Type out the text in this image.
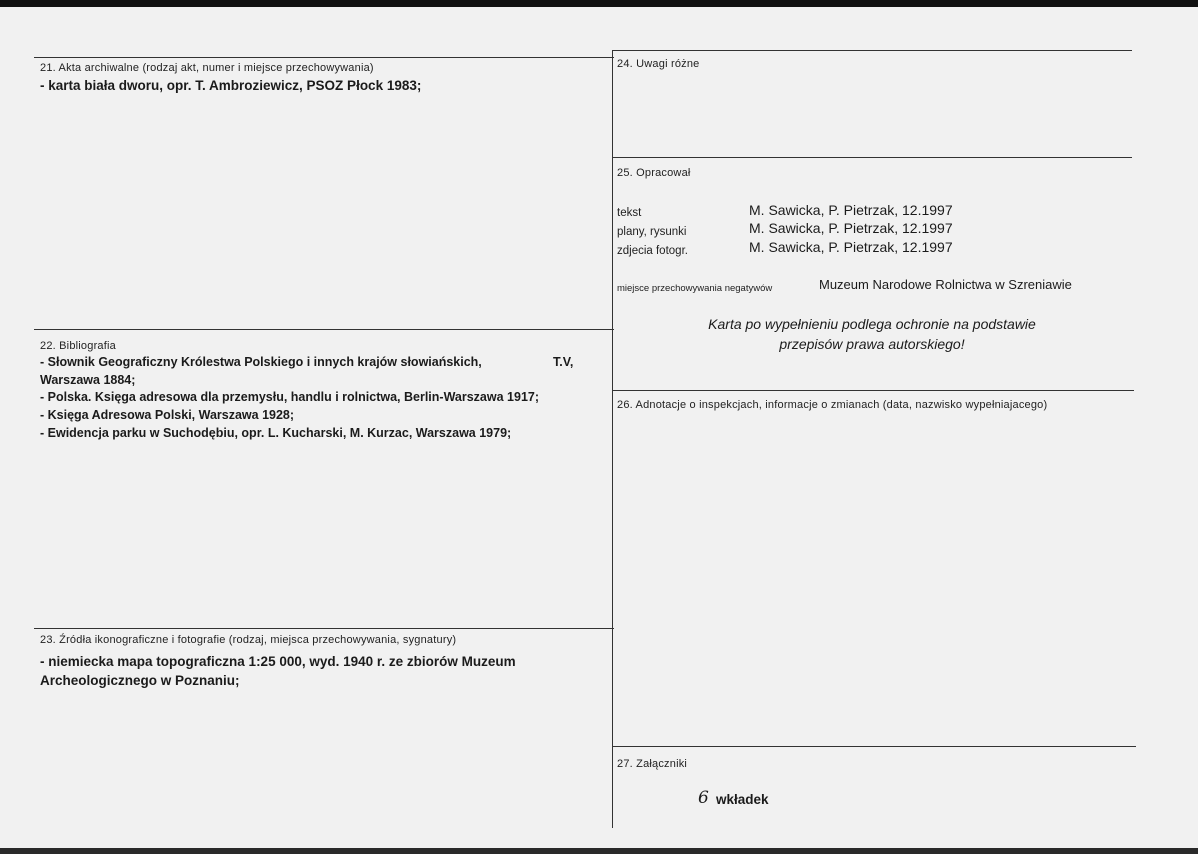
21. Akta archiwalne (rodzaj akt, numer i miejsce przechowywania)
- karta biała dworu, opr. T. Ambroziewicz, PSOZ Płock 1983;
22. Bibliografia
- Słownik Geograficzny Królestwa Polskiego i innych krajów słowiańskich,	T.V,
Warszawa 1884;
- Polska. Księga adresowa dla przemysłu, handlu i rolnictwa, Berlin-Warszawa 1917;
- Księga Adresowa Polski, Warszawa 1928;
- Ewidencja parku w Suchodębiu, opr. L. Kucharski, M. Kurzac, Warszawa 1979;
23. Źródła ikonograficzne i fotografie (rodzaj, miejsca przechowywania, sygnatury)
- niemiecka mapa topograficzna 1:25 000, wyd. 1940 r. ze zbiorów Muzeum
Archeologicznego w Poznaniu;
24. Uwagi różne
25. Opracował
tekst	M. Sawicka, P. Pietrzak, 12.1997
plany, rysunki	M. Sawicka, P. Pietrzak, 12.1997
zdjecia fotogr.	M. Sawicka, P. Pietrzak, 12.1997
miejsce przechowywania negatywów	Muzeum Narodowe Rolnictwa w Szreniawie
Karta po wypełnieniu podlega ochronie na podstawie
przepisów prawa autorskiego!
26. Adnotacje o inspekcjach, informacje o zmianach (data, nazwisko wypełniajacego)
27. Załączniki
6 wkładek
